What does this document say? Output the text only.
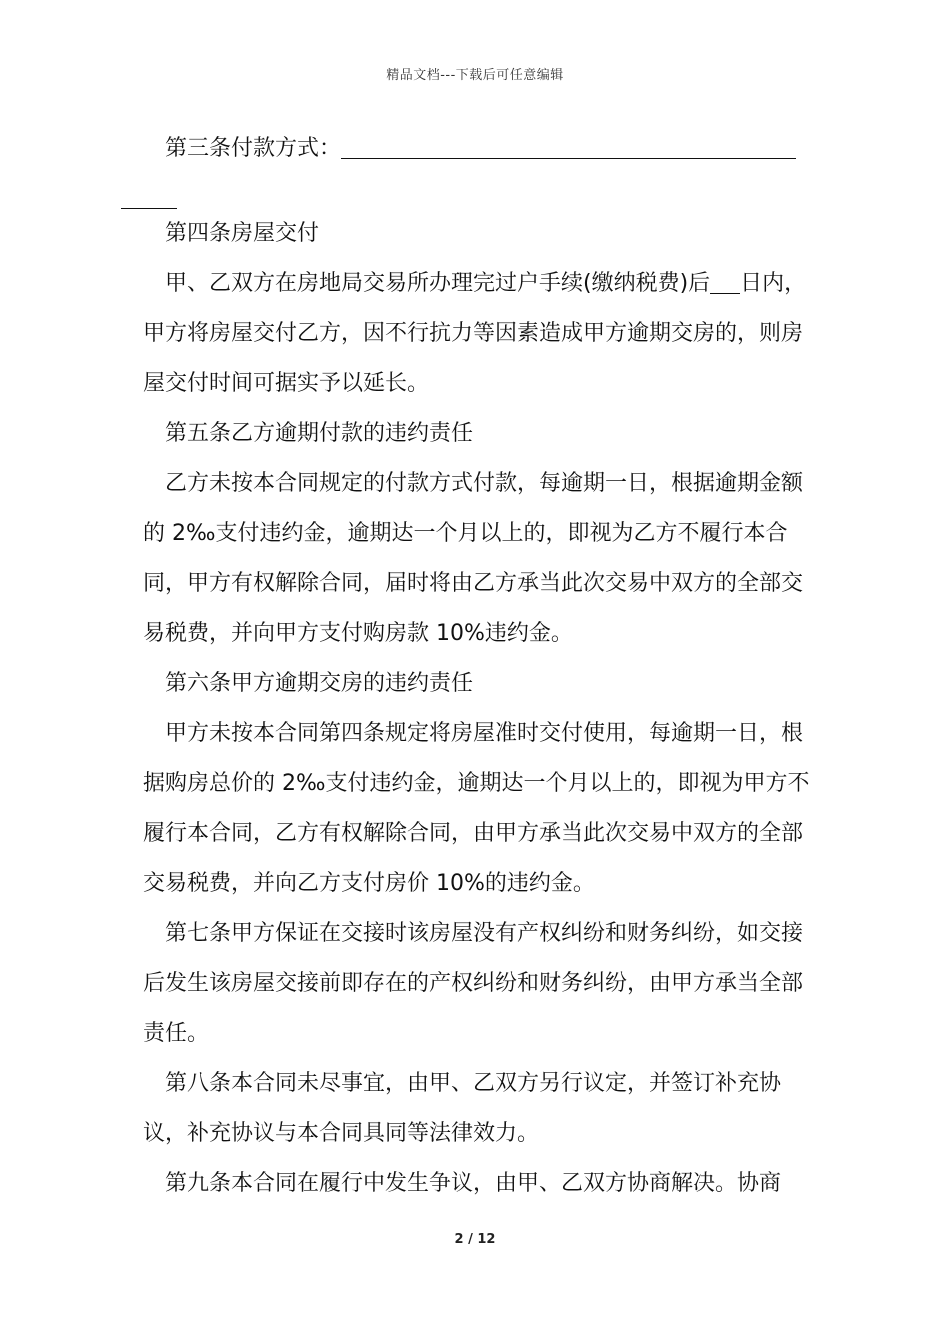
精品文档---下载后可任意编辑

第三条付款方式：

第四条房屋交付

甲、乙双方在房地局交易所办理完过户手续(缴纳税费)后 日内，甲方将房屋交付乙方，因不行抗力等因素造成甲方逾期交房的，则房屋交付时间可据实予以延长。

第五条乙方逾期付款的违约责任

乙方未按本合同规定的付款方式付款，每逾期一日，根据逾期金额的 2‰支付违约金，逾期达一个月以上的，即视为乙方不履行本合同，甲方有权解除合同，届时将由乙方承当此次交易中双方的全部交易税费，并向甲方支付购房款 10%违约金。

第六条甲方逾期交房的违约责任

甲方未按本合同第四条规定将房屋准时交付使用，每逾期一日，根据购房总价的 2‰支付违约金，逾期达一个月以上的，即视为甲方不履行本合同，乙方有权解除合同，由甲方承当此次交易中双方的全部交易税费，并向乙方支付房价 10%的违约金。

第七条甲方保证在交接时该房屋没有产权纠纷和财务纠纷，如交接后发生该房屋交接前即存在的产权纠纷和财务纠纷，由甲方承当全部责任。

第八条本合同未尽事宜，由甲、乙双方另行议定，并签订补充协议，补充协议与本合同具同等法律效力。

第九条本合同在履行中发生争议，由甲、乙双方协商解决。协商

2 / 12
